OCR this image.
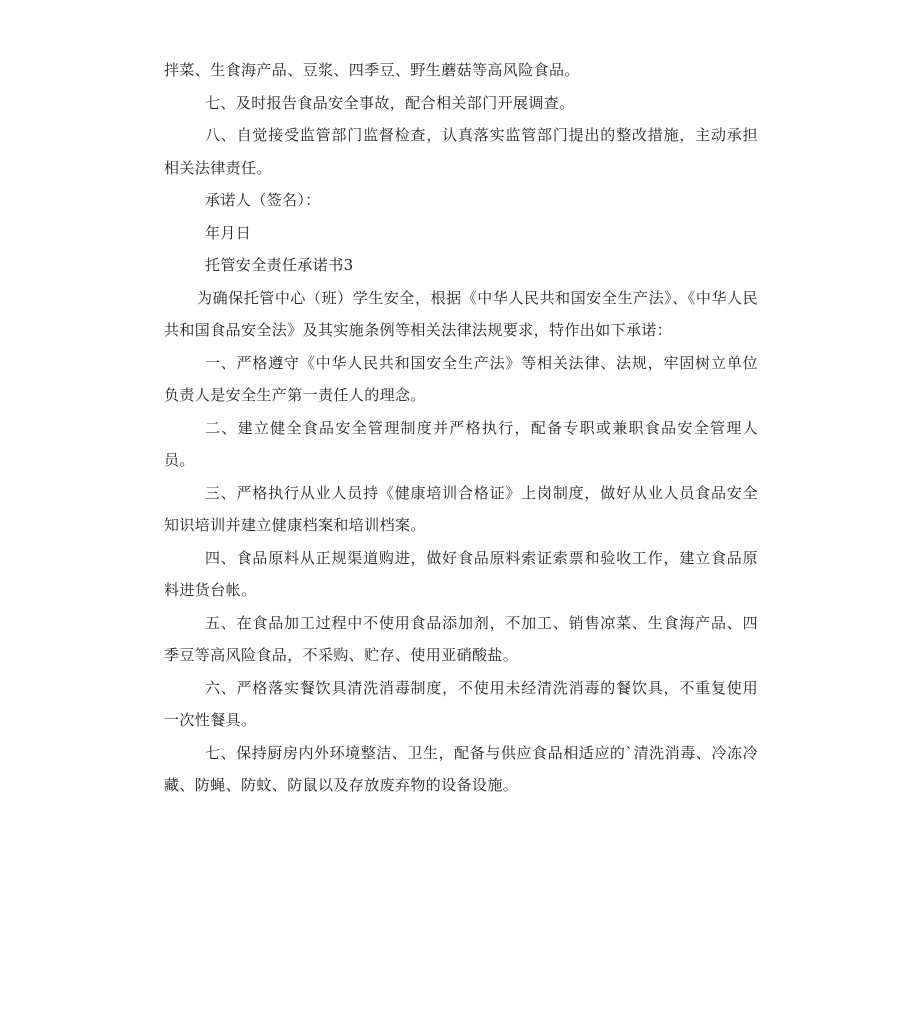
拌菜、生食海产品、豆浆、四季豆、野生蘑菇等高风险食品。

七、及时报告食品安全事故，配合相关部门开展调查。

八、自觉接受监管部门监督检查，认真落实监管部门提出的整改措施，主动承担相关法律责任。

承诺人（签名）：

年月日

托管安全责任承诺书3

为确保托管中心（班）学生安全，根据《中华人民共和国安全生产法》、《中华人民共和国食品安全法》及其实施条例等相关法律法规要求，特作出如下承诺：

一、严格遵守《中华人民共和国安全生产法》等相关法律、法规，牢固树立单位负责人是安全生产第一责任人的理念。

二、建立健全食品安全管理制度并严格执行，配备专职或兼职食品安全管理人员。

三、严格执行从业人员持《健康培训合格证》上岗制度，做好从业人员食品安全知识培训并建立健康档案和培训档案。

四、食品原料从正规渠道购进，做好食品原料索证索票和验收工作，建立食品原料进货台帐。

五、在食品加工过程中不使用食品添加剂，不加工、销售凉菜、生食海产品、四季豆等高风险食品，不采购、贮存、使用亚硝酸盐。

六、严格落实餐饮具清洗消毒制度，不使用未经清洗消毒的餐饮具，不重复使用一次性餐具。

七、保持厨房内外环境整洁、卫生，配备与供应食品相适应的`清洗消毒、冷冻冷藏、防蝇、防蚊、防鼠以及存放废弃物的设备设施。
